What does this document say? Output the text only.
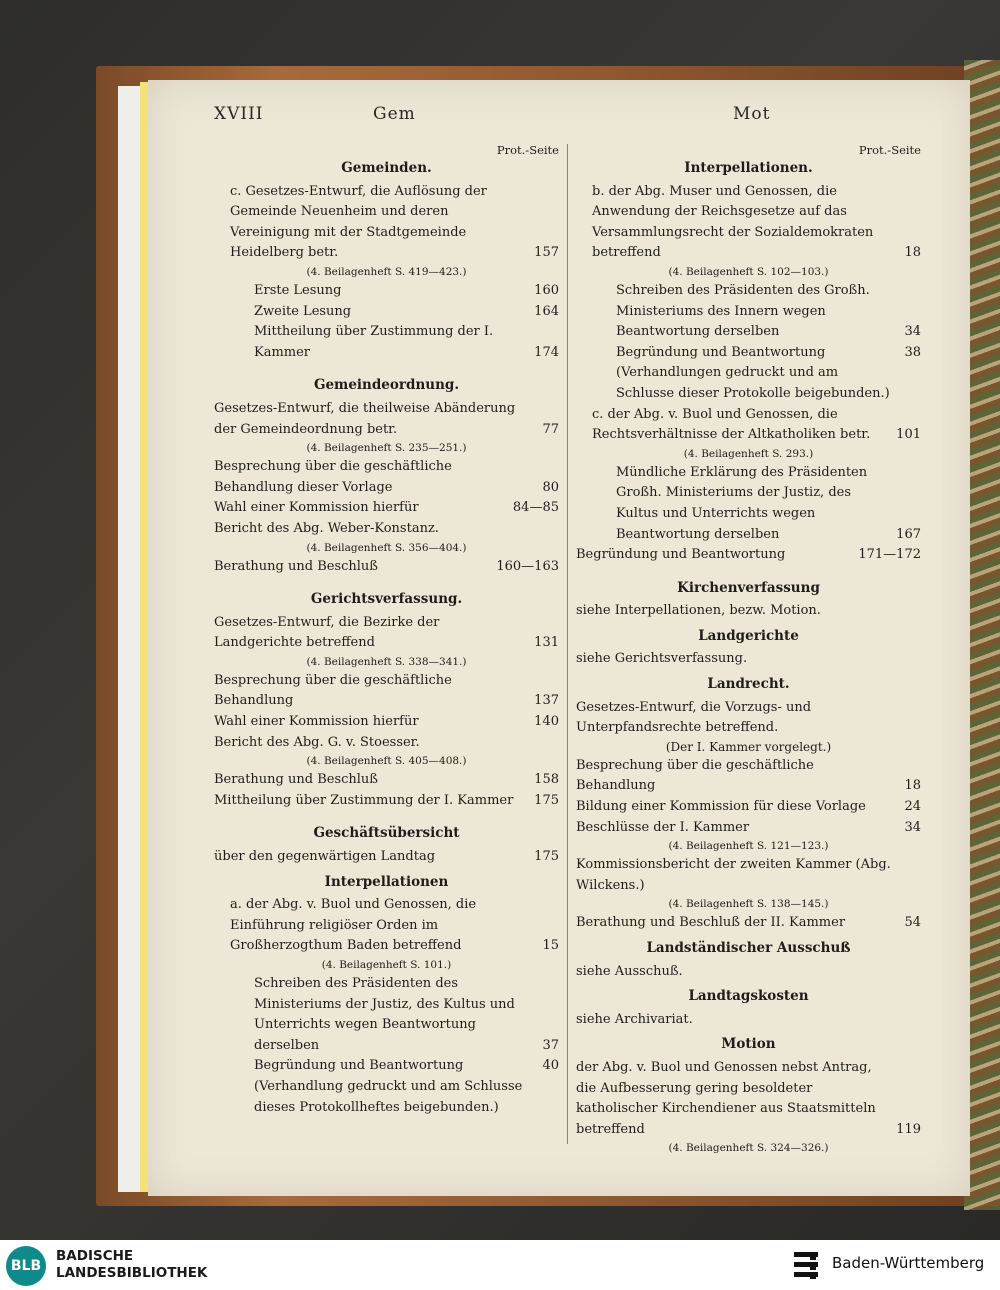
XVIII	Gem	Mot
Prot.-Seite
Gemeinden.
c. Gesetzes-Entwurf, die Auflösung der Gemeinde Neuenheim und deren Vereinigung mit der Stadtgemeinde Heidelberg betr.	157
(4. Beilagenheft S. 419—423.)
Erste Lesung	160
Zweite Lesung	164
Mittheilung über Zustimmung der I. Kammer	174
Gemeindeordnung.
Gesetzes-Entwurf, die theilweise Abänderung der Gemeindeordnung betr.	77
(4. Beilagenheft S. 235—251.)
Besprechung über die geschäftliche Behandlung dieser Vorlage	80
Wahl einer Kommission hierfür	84—85
Bericht des Abg. Weber-Konstanz.
(4. Beilagenheft S. 356—404.)
Berathung und Beschluß	160—163
Gerichtsverfassung.
Gesetzes-Entwurf, die Bezirke der Landgerichte betreffend	131
(4. Beilagenheft S. 338—341.)
Besprechung über die geschäftliche Behandlung	137
Wahl einer Kommission hierfür	140
Bericht des Abg. G. v. Stoesser.
(4. Beilagenheft S. 405—408.)
Berathung und Beschluß	158
Mittheilung über Zustimmung der I. Kammer 175
Geschäftsübersicht
über den gegenwärtigen Landtag	175
Interpellationen
a. der Abg. v. Buol und Genossen, die Einführung religiöser Orden im Großherzogthum Baden betreffend	15
(4. Beilagenheft S. 101.)
Schreiben des Präsidenten des Ministeriums der Justiz, des Kultus und Unterrichts wegen Beantwortung derselben	37
Begründung und Beantwortung	40
(Verhandlung gedruckt und am Schlusse dieses Protokollheftes beigebunden.)
Prot.-Seite
Interpellationen.
b. der Abg. Muser und Genossen, die Anwendung der Reichsgesetze auf das Versammlungsrecht der Sozialdemokraten betreffend	18
(4. Beilagenheft S. 102—103.)
Schreiben des Präsidenten des Großh. Ministeriums des Innern wegen Beantwortung derselben	34
Begründung und Beantwortung	38
(Verhandlungen gedruckt und am Schlusse dieser Protokolle beigebunden.)
c. der Abg. v. Buol und Genossen, die Rechtsverhältnisse der Altkatholiken betr. 101
(4. Beilagenheft S. 293.)
Mündliche Erklärung des Präsidenten Großh. Ministeriums der Justiz, des Kultus und Unterrichts wegen Beantwortung derselben	167
Begründung und Beantwortung	171—172
Kirchenverfassung
siehe Interpellationen, bezw. Motion.
Landgerichte
siehe Gerichtsverfassung.
Landrecht.
Gesetzes-Entwurf, die Vorzugs- und Unterpfandsrechte betreffend.
(Der I. Kammer vorgelegt.)
Besprechung über die geschäftliche Behandlung	18
Bildung einer Kommission für diese Vorlage	24
Beschlüsse der I. Kammer	34
(4. Beilagenheft S. 121—123.)
Kommissionsbericht der zweiten Kammer (Abg. Wilckens.)
(4. Beilagenheft S. 138—145.)
Berathung und Beschluß der II. Kammer	54
Landständischer Ausschuß
siehe Ausschuß.
Landtagskosten
siehe Archivariat.
Motion
der Abg. v. Buol und Genossen nebst Antrag, die Aufbesserung gering besoldeter katholischer Kirchendiener aus Staatsmitteln betreffend	119
(4. Beilagenheft S. 324—326.)
BLB
BADISCHE
LANDESBIBLIOTHEK
Baden-Württemberg
